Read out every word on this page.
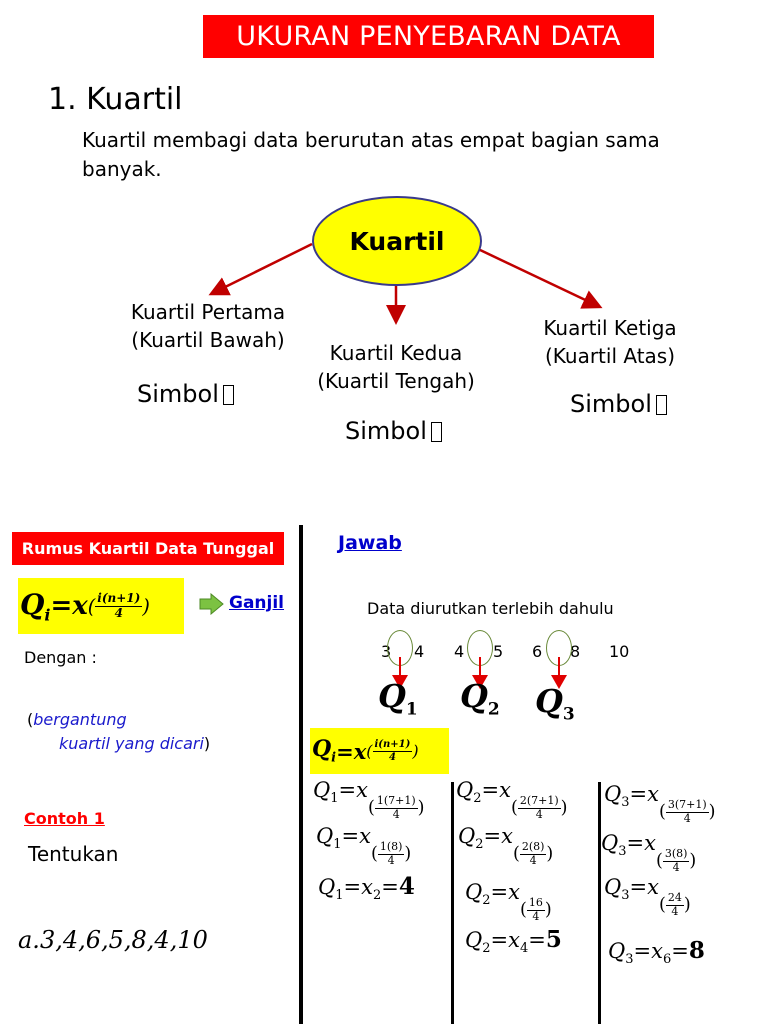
UKURAN PENYEBARAN DATA
1. Kuartil
Kuartil membagi data berurutan atas empat bagian sama banyak.
Kuartil
Kuartil Pertama
(Kuartil Bawah)
Simbol
Kuartil Kedua
(Kuartil Tengah)
Simbol
Kuartil Ketiga
(Kuartil Atas)
Simbol
Rumus Kuartil Data Tunggal
$Q_i =x$ ( $\frac{i(n+1)}{4}$ )	Ganjil
Dengan :
(bergantung
kuartil yang dicari)
Contoh 1
Tentukan
a.3,4,6,5,8,4,10
Jawab
Data diurutkan terlebih dahulu
3 4 4 5 6 8 10
$Q_1$ $Q_2$ $Q_3$
$Q_i =x$ ( $\frac{i(n+1)}{4}$ )
$Q_1=x( \frac{1(7+1)}{4}$ )
$Q_1=x( \frac{1(8)}{4}$ )
$Q_1=x_2=4$
$Q_2=x( \frac{2(7+1)}{4}$ )
$Q_2=x( \frac{2(8)}{4}$ )
$Q_2=x( \frac{16}{4}$ )
$Q_2=x_4=5$
$Q_3=x( \frac{3(7+1)}{4}$ )
$Q_3=x( \frac{3(8)}{4}$ )
$Q_3=x( \frac{24}{4}$ )
$Q_3=x_6=8$
